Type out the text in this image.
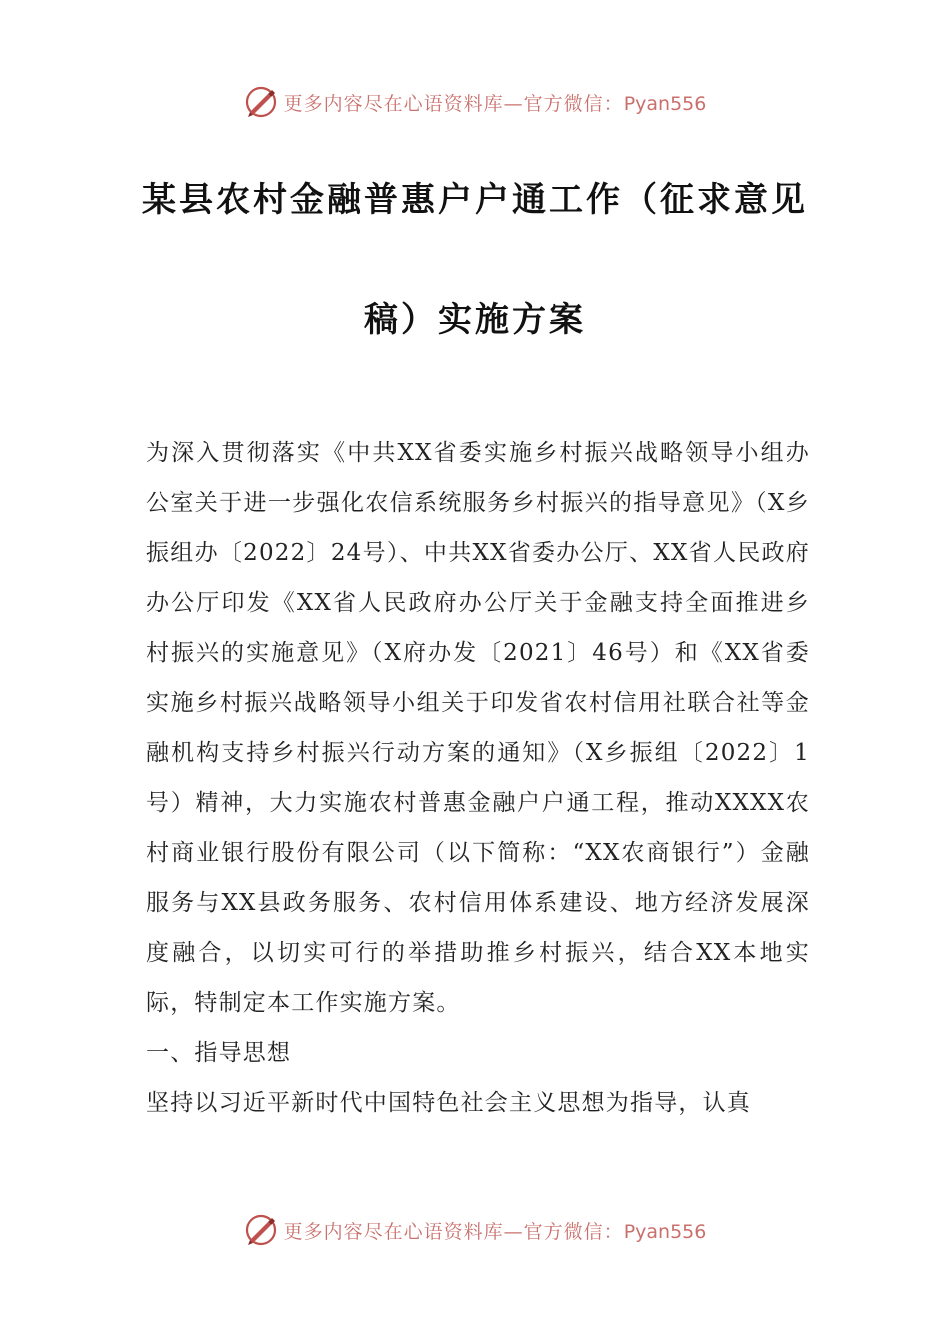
更多内容尽在心语资料库—官方微信：Pyan556
某县农村金融普惠户户通工作（征求意见
稿）实施方案

为深入贯彻落实《中共XX省委实施乡村振兴战略领导小组办公室关于进一步强化农信系统服务乡村振兴的指导意见》（X乡振组办〔2022〕24号）、中共XX省委办公厅、XX省人民政府办公厅印发《XX省人民政府办公厅关于金融支持全面推进乡村振兴的实施意见》（X府办发〔2021〕46号）和《XX省委实施乡村振兴战略领导小组关于印发省农村信用社联合社等金融机构支持乡村振兴行动方案的通知》（X乡振组〔2022〕1号）精神，大力实施农村普惠金融户户通工程，推动XXXX农村商业银行股份有限公司（以下简称：“XX农商银行”）金融服务与XX县政务服务、农村信用体系建设、地方经济发展深度融合，以切实可行的举措助推乡村振兴，结合XX本地实际，特制定本工作实施方案。

一、指导思想

坚持以习近平新时代中国特色社会主义思想为指导，认真

更多内容尽在心语资料库—官方微信：Pyan556
